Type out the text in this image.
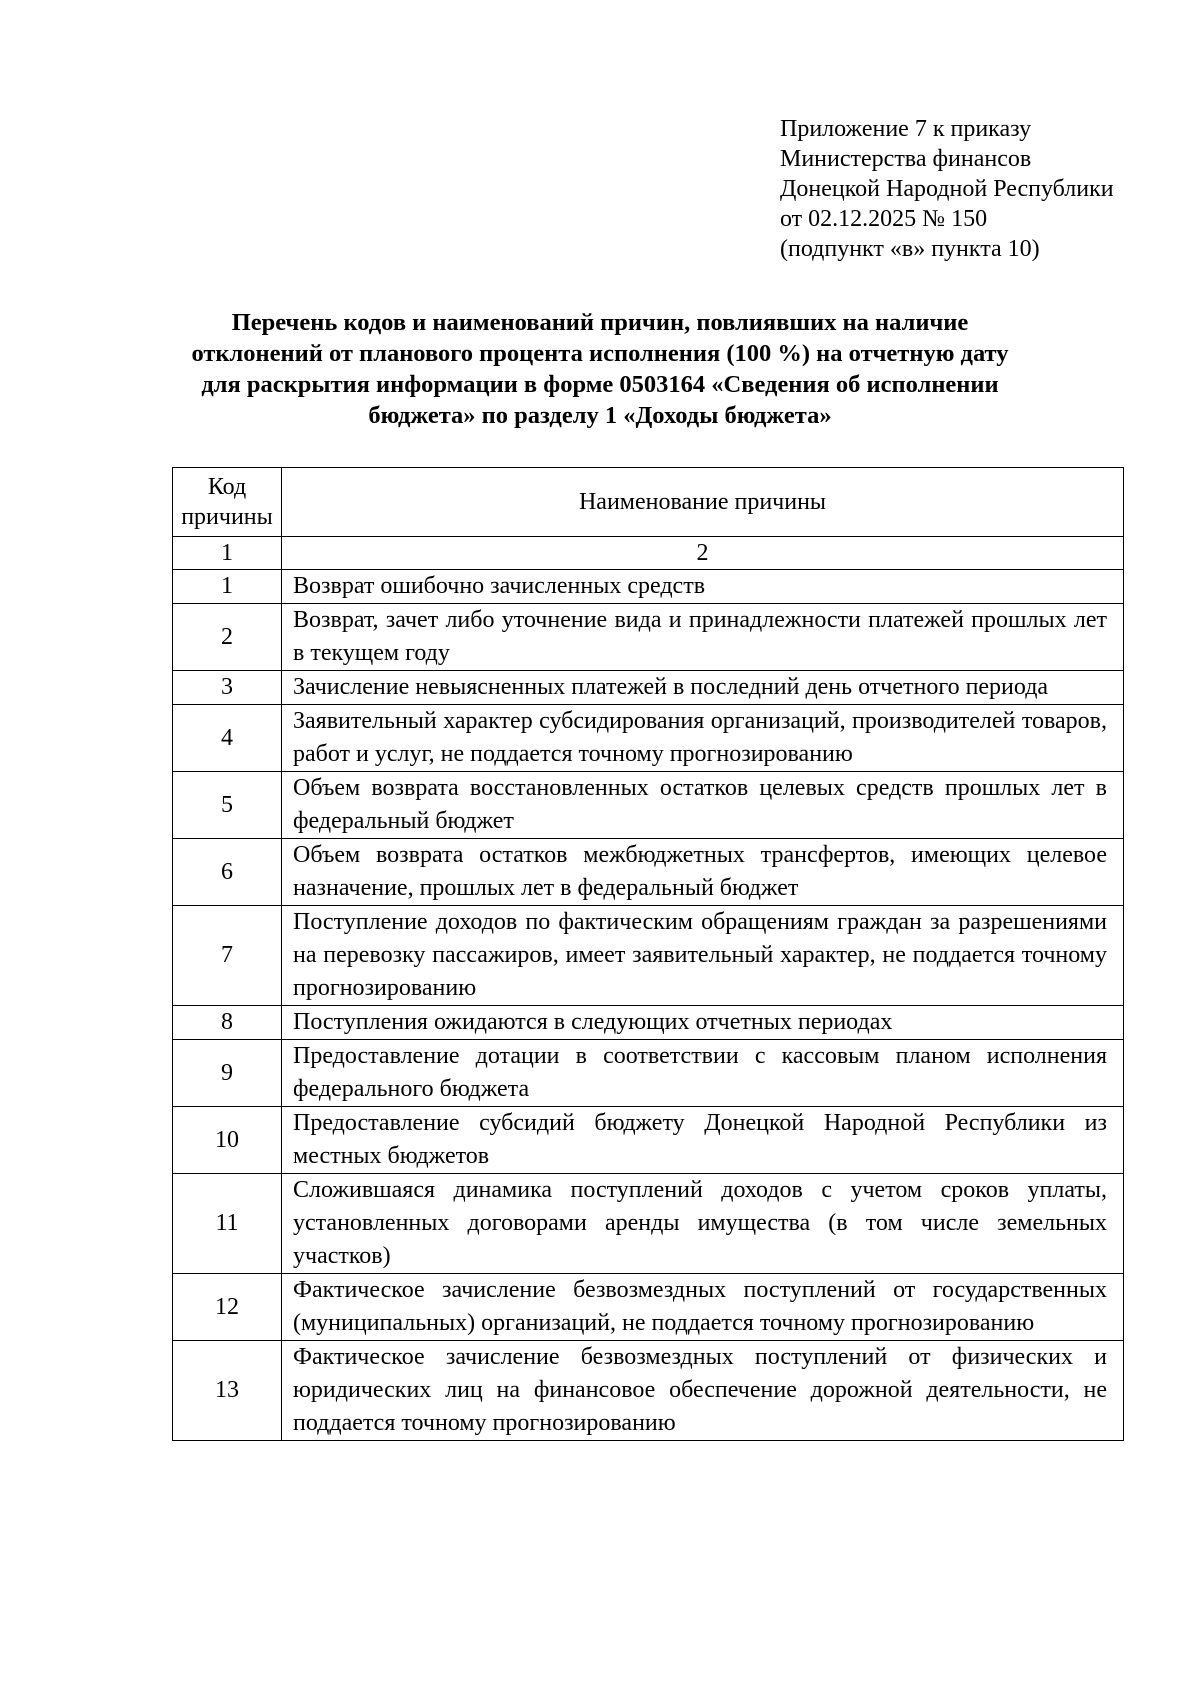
Приложение 7 к приказу
Министерства финансов
Донецкой Народной Республики
от 02.12.2025 № 150
(подпункт «в» пункта 10)
Перечень кодов и наименований причин, повлиявших на наличие отклонений от планового процента исполнения (100 %) на отчетную дату для раскрытия информации в форме 0503164 «Сведения об исполнении бюджета» по разделу 1 «Доходы бюджета»
Код причины	Наименование причины
1	2
1	Возврат ошибочно зачисленных средств
2	Возврат, зачет либо уточнение вида и принадлежности платежей прошлых лет в текущем году
3	Зачисление невыясненных платежей в последний день отчетного периода
4	Заявительный характер субсидирования организаций, производителей товаров, работ и услуг, не поддается точному прогнозированию
5	Объем возврата восстановленных остатков целевых средств прошлых лет в федеральный бюджет
6	Объем возврата остатков межбюджетных трансфертов, имеющих целевое назначение, прошлых лет в федеральный бюджет
7	Поступление доходов по фактическим обращениям граждан за разрешениями на перевозку пассажиров, имеет заявительный характер, не поддается точному прогнозированию
8	Поступления ожидаются в следующих отчетных периодах
9	Предоставление дотации в соответствии с кассовым планом исполнения федерального бюджета
10	Предоставление субсидий бюджету Донецкой Народной Республики из местных бюджетов
11	Сложившаяся динамика поступлений доходов с учетом сроков уплаты, установленных договорами аренды имущества (в том числе земельных участков)
12	Фактическое зачисление безвозмездных поступлений от государственных (муниципальных) организаций, не поддается точному прогнозированию
13	Фактическое зачисление безвозмездных поступлений от физических и юридических лиц на финансовое обеспечение дорожной деятельности, не поддается точному прогнозированию
